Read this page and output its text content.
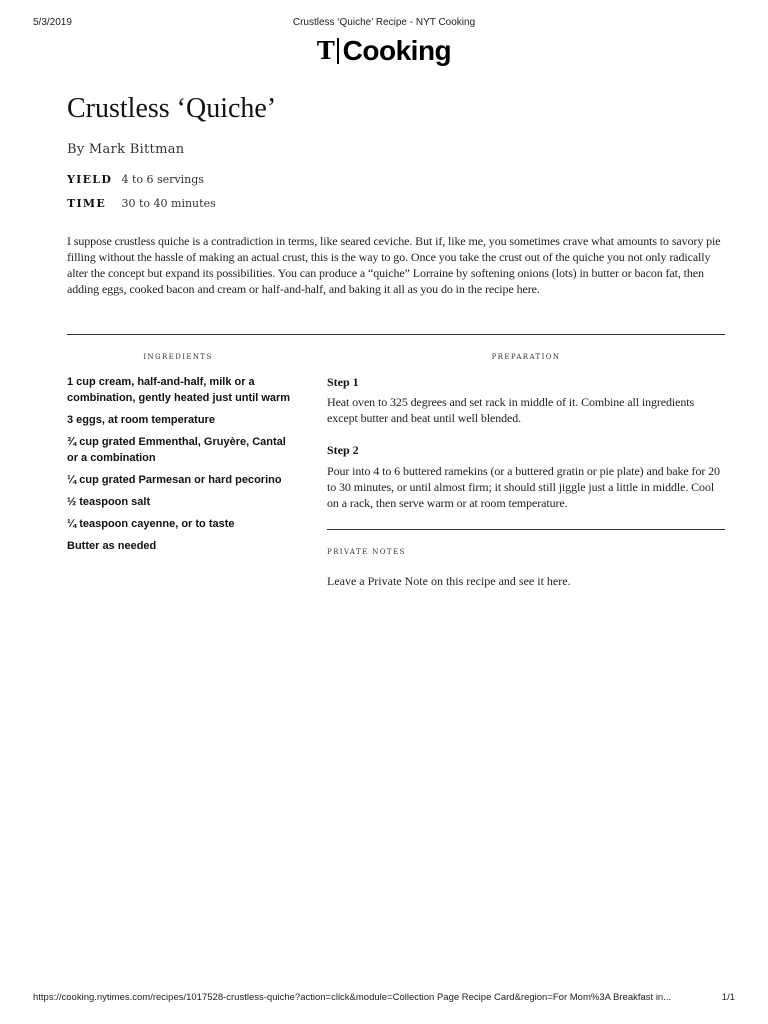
5/3/2019	Crustless ‘Quiche’ Recipe - NYT Cooking
T Cooking
Crustless ‘Quiche’
By Mark Bittman
YIELD 4 to 6 servings
TIME 30 to 40 minutes

I suppose crustless quiche is a contradiction in terms, like seared ceviche. But if, like me, you sometimes crave what amounts to savory pie filling without the hassle of making an actual crust, this is the way to go. Once you take the crust out of the quiche you not only radically alter the concept but expand its possibilities. You can produce a “quiche” Lorraine by softening onions (lots) in butter or bacon fat, then adding eggs, cooked bacon and cream or half-and-half, and baking it all as you do in the recipe here.

INGREDIENTS	PREPARATION
1 cup cream, half-and-half, milk or a combination, gently heated just until warm
3 eggs, at room temperature
¾ cup grated Emmenthal, Gruyère, Cantal or a combination
¼ cup grated Parmesan or hard pecorino
½ teaspoon salt
¼ teaspoon cayenne, or to taste
Butter as needed
Step 1

Heat oven to 325 degrees and set rack in middle of it. Combine all ingredients except butter and beat until well blended.

Step 2

Pour into 4 to 6 buttered ramekins (or a buttered gratin or pie plate) and bake for 20 to 30 minutes, or until almost firm; it should still jiggle just a little in middle. Cool on a rack, then serve warm or at room temperature.

PRIVATE NOTES
Leave a Private Note on this recipe and see it here.
https://cooking.nytimes.com/recipes/1017528-crustless-quiche?action=click&module=Collection Page Recipe Card&region=For Mom%3A Breakfast in...	1/1
